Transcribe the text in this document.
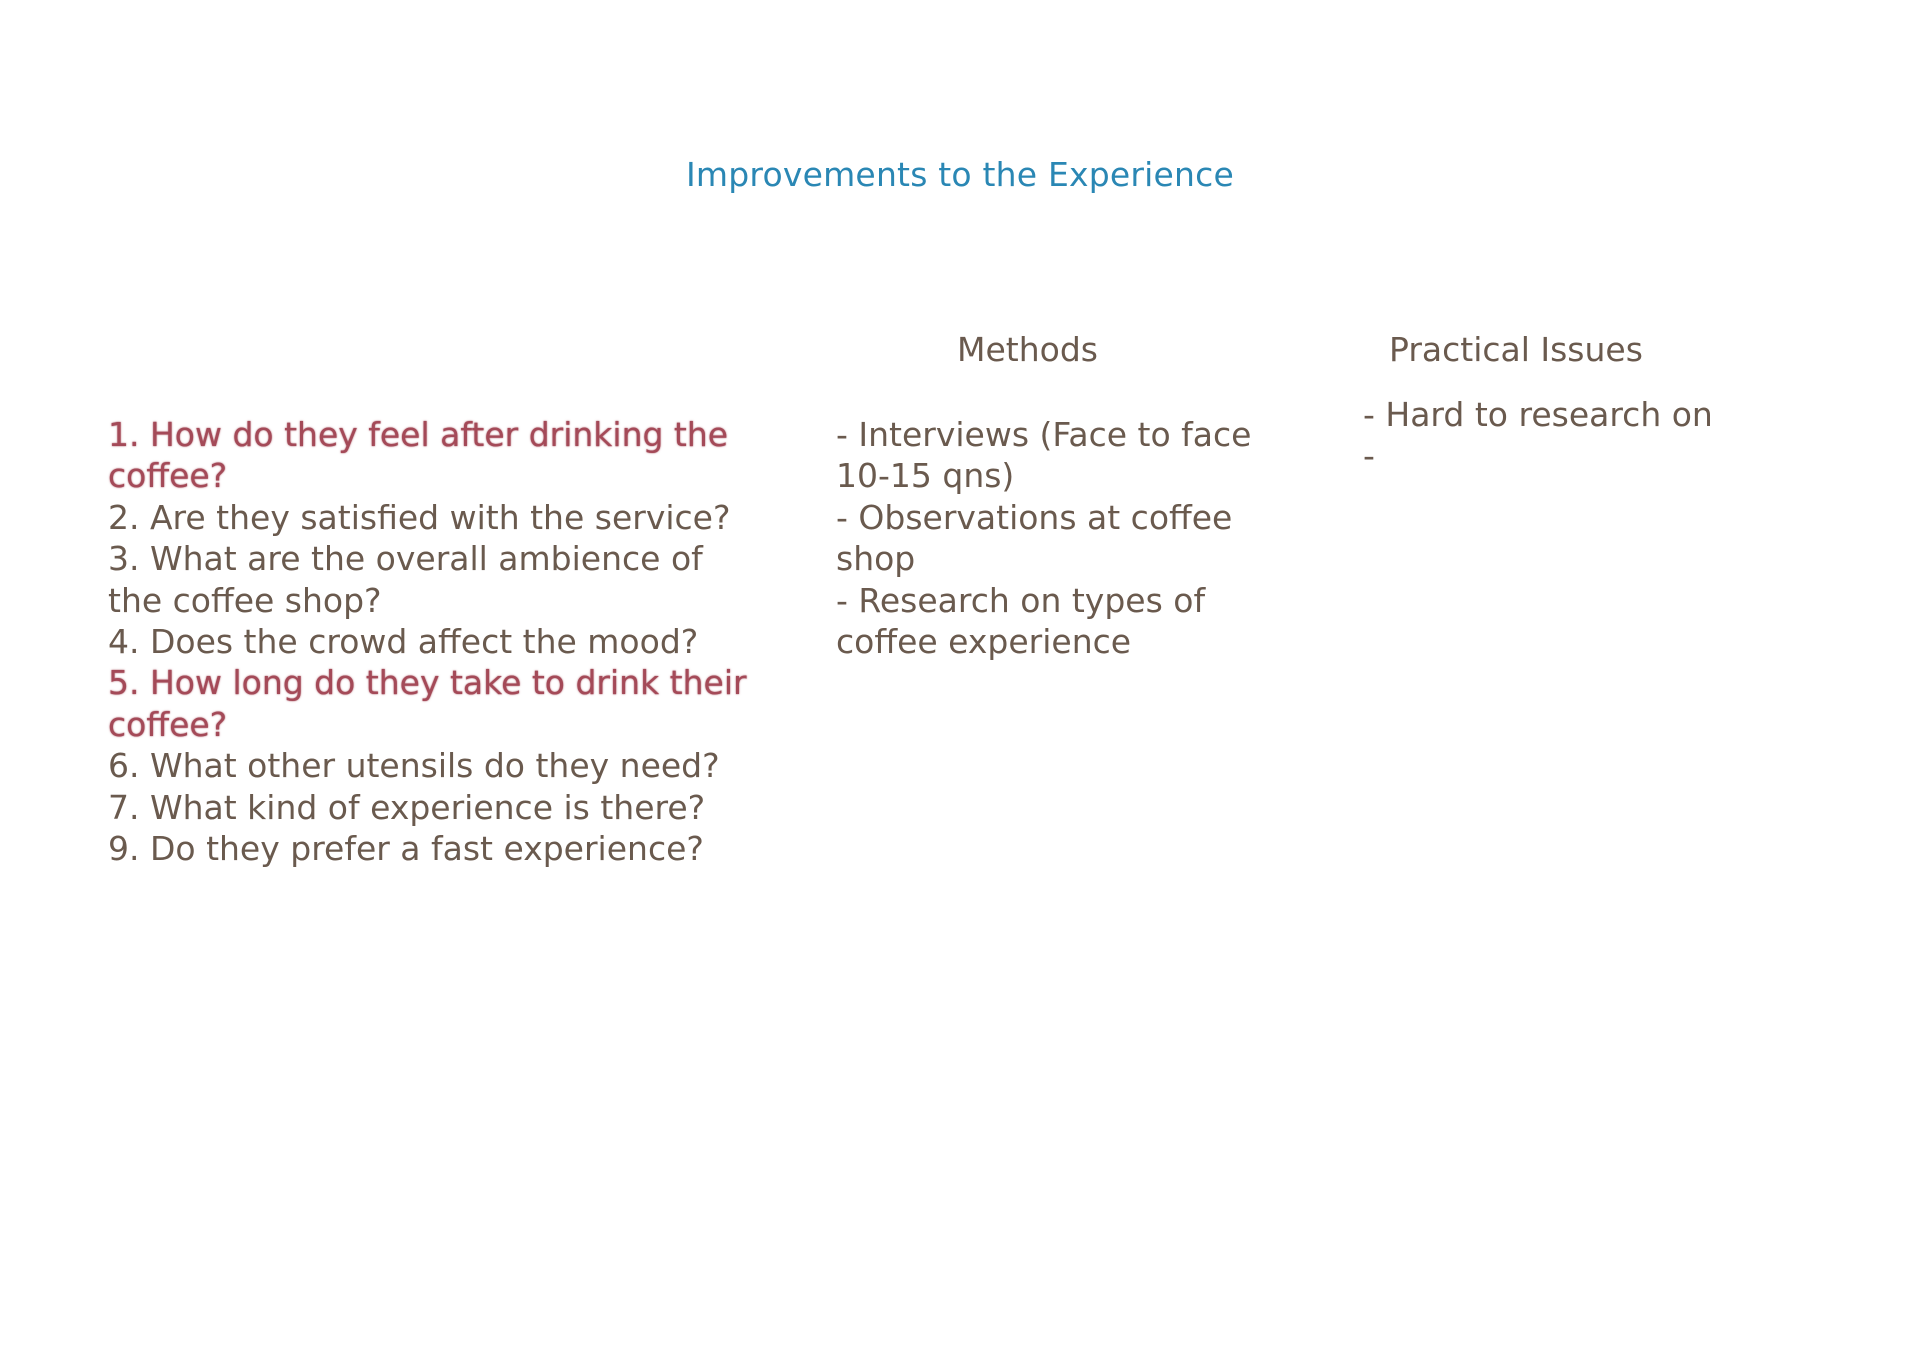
Improvements to the Experience
Methods	Practical Issues
1. How do they feel after drinking the
coffee?
2. Are they satisfied with the service?
3. What are the overall ambience of
the coffee shop?
4. Does the crowd affect the mood?
5. How long do they take to drink their
coffee?
6. What other utensils do they need?
7. What kind of experience is there?
9. Do they prefer a fast experience?
- Interviews (Face to face
10-15 qns)
- Observations at coffee
shop
- Research on types of
coffee experience
- Hard to research on
-
